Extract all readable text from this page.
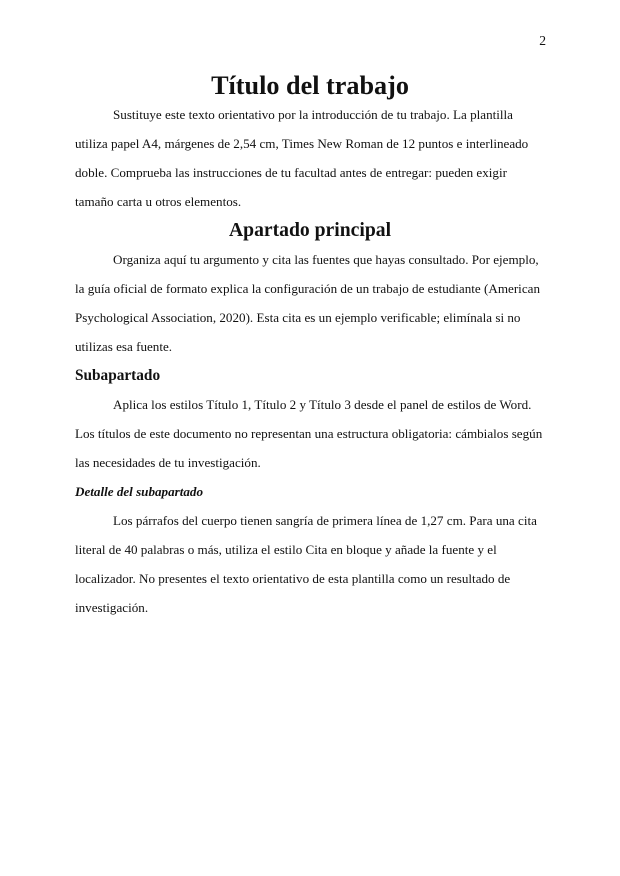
2
Título del trabajo

Sustituye este texto orientativo por la introducción de tu trabajo. La plantilla utiliza papel A4, márgenes de 2,54 cm, Times New Roman de 12 puntos e interlineado doble. Comprueba las instrucciones de tu facultad antes de entregar: pueden exigir tamaño carta u otros elementos.

Apartado principal

Organiza aquí tu argumento y cita las fuentes que hayas consultado. Por ejemplo, la guía oficial de formato explica la configuración de un trabajo de estudiante (American Psychological Association, 2020). Esta cita es un ejemplo verificable; elimínala si no utilizas esa fuente.

Subapartado

Aplica los estilos Título 1, Título 2 y Título 3 desde el panel de estilos de Word. Los títulos de este documento no representan una estructura obligatoria: cámbialos según las necesidades de tu investigación.

Detalle del subapartado

Los párrafos del cuerpo tienen sangría de primera línea de 1,27 cm. Para una cita literal de 40 palabras o más, utiliza el estilo Cita en bloque y añade la fuente y el localizador. No presentes el texto orientativo de esta plantilla como un resultado de investigación.
